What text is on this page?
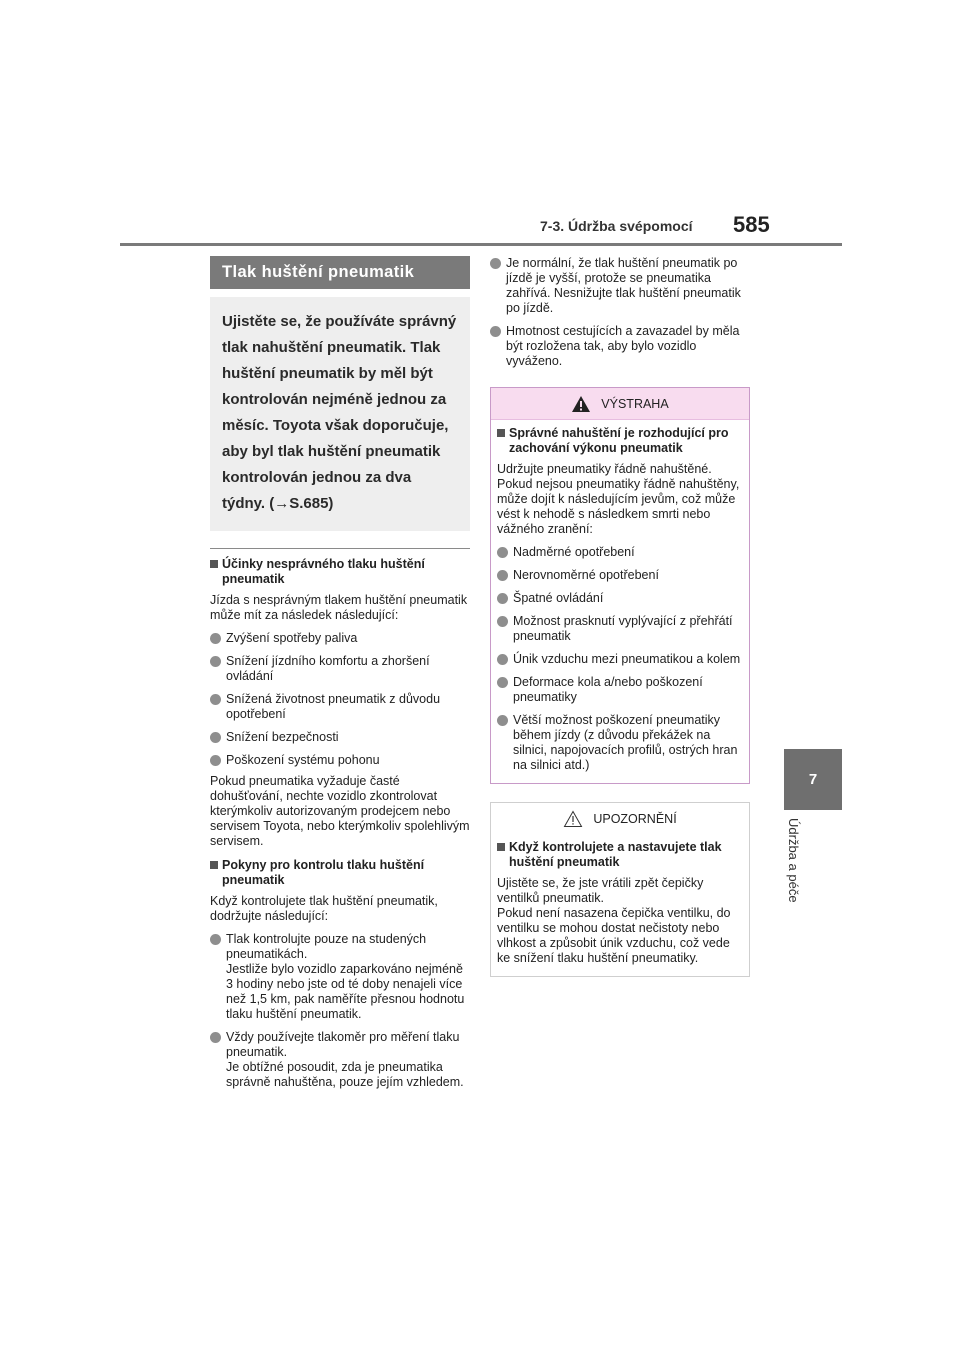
7-3. Údržba svépomocí 585
7
Údržba a péče
Tlak huštění pneumatik
Ujistěte se, že používáte správný tlak nahuštění pneumatik. Tlak huštění pneumatik by měl být kontrolován nejméně jednou za měsíc. Toyota však doporučuje, aby byl tlak huštění pneumatik kontrolován jednou za dva týdny. (→S.685)
Účinky nesprávného tlaku huštění pneumatik
Jízda s nesprávným tlakem huštění pneumatik může mít za následek následující:
Zvýšení spotřeby paliva
Snížení jízdního komfortu a zhoršení ovládání
Snížená životnost pneumatik z důvodu opotřebení
Snížení bezpečnosti
Poškození systému pohonu
Pokud pneumatika vyžaduje časté dohušťování, nechte vozidlo zkontrolovat kterýmkoliv autorizovaným prodejcem nebo servisem Toyota, nebo kterýmkoliv spolehlivým servisem.
Pokyny pro kontrolu tlaku huštění pneumatik
Když kontrolujete tlak huštění pneumatik, dodržujte následující:
Tlak kontrolujte pouze na studených pneumatikách.
Jestliže bylo vozidlo zaparkováno nejméně 3 hodiny nebo jste od té doby nenajeli více než 1,5 km, pak naměříte přesnou hodnotu tlaku huštění pneumatik.
Vždy používejte tlakoměr pro měření tlaku pneumatik.
Je obtížné posoudit, zda je pneumatika správně nahuštěna, pouze jejím vzhledem.
Je normální, že tlak huštění pneumatik po jízdě je vyšší, protože se pneumatika zahřívá. Nesnižujte tlak huštění pneumatik po jízdě.
Hmotnost cestujících a zavazadel by měla být rozložena tak, aby bylo vozidlo vyváženo.
VÝSTRAHA
Správné nahuštění je rozhodující pro zachování výkonu pneumatik
Udržujte pneumatiky řádně nahuštěné. Pokud nejsou pneumatiky řádně nahuštěny, může dojít k následujícím jevům, což může vést k nehodě s následkem smrti nebo vážného zranění:
Nadměrné opotřebení
Nerovnoměrné opotřebení
Špatné ovládání
Možnost prasknutí vyplývající z přehřátí pneumatik
Únik vzduchu mezi pneumatikou a kolem
Deformace kola a/nebo poškození pneumatiky
Větší možnost poškození pneumatiky během jízdy (z důvodu překážek na silnici, napojovacích profilů, ostrých hran na silnici atd.)
UPOZORNĚNÍ
Když kontrolujete a nastavujete tlak huštění pneumatik
Ujistěte se, že jste vrátili zpět čepičky ventilků pneumatik.
Pokud není nasazena čepička ventilku, do ventilku se mohou dostat nečistoty nebo vlhkost a způsobit únik vzduchu, což vede ke snížení tlaku huštění pneumatiky.
